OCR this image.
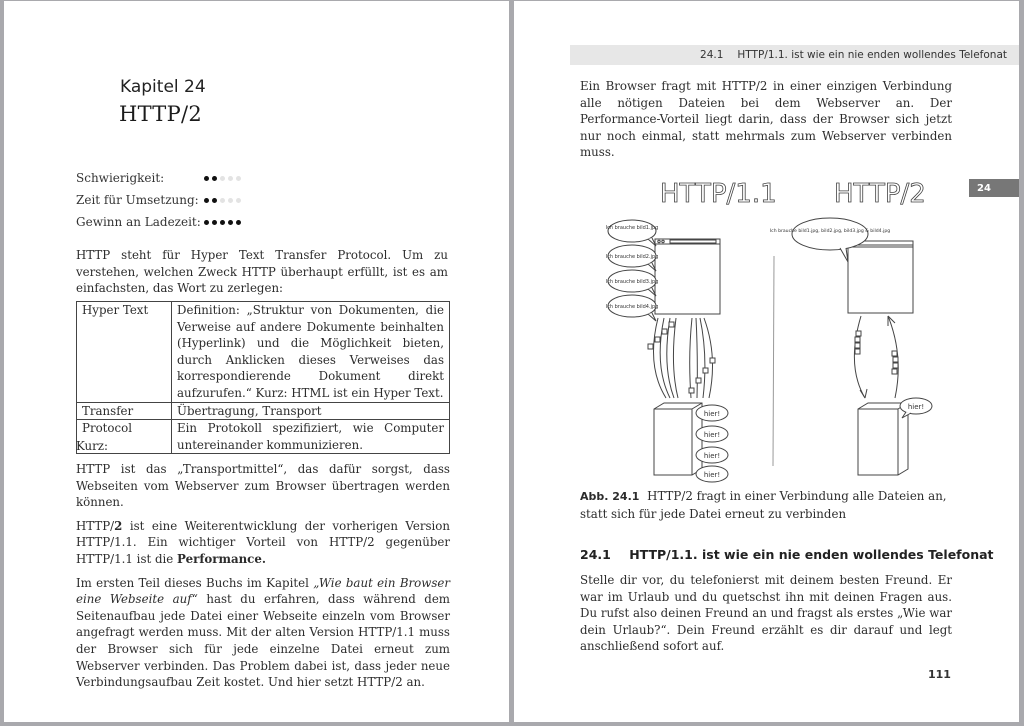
Kapitel 24
HTTP/2
Schwierigkeit:
Zeit für Umsetzung:
Gewinn an Ladezeit:

HTTP steht für Hyper Text Transfer Protocol. Um zu verstehen, welchen Zweck HTTP überhaupt erfüllt, ist es am einfachsten, das Wort zu zerlegen:

Hyper Text	Definition: „Struktur von Dokumenten, die Verweise auf andere Dokumente beinhalten (Hyperlink) und die Möglichkeit bieten, durch Anklicken dieses Verweises das korrespondierende Dokument direkt aufzurufen.“ Kurz: HTML ist ein Hyper Text.
Transfer	Übertragung, Transport
Protocol	Ein Protokoll spezifiziert, wie Computer untereinander kommunizieren.
Kurz:

HTTP ist das „Transportmittel“, das dafür sorgst, dass Webseiten vom Webserver zum Browser übertragen werden können.

HTTP/2 ist eine Weiterentwicklung der vorherigen Version HTTP/1.1. Ein wichtiger Vorteil von HTTP/2 gegenüber HTTP/1.1 ist die Performance.

Im ersten Teil dieses Buchs im Kapitel „Wie baut ein Browser eine Webseite auf“ hast du erfahren, dass während dem Seitenaufbau jede Datei einer Webseite einzeln vom Browser angefragt werden muss. Mit der alten Version HTTP/1.1 muss der Browser sich für jede einzelne Datei erneut zum Webserver verbinden. Das Problem dabei ist, dass jeder neue Verbindungsaufbau Zeit kostet. Und hier setzt HTTP/2 an.

24.1 HTTP/1.1. ist wie ein nie enden wollendes Telefonat

Ein Browser fragt mit HTTP/2 in einer einzigen Verbindung alle nötigen Dateien bei dem Webserver an. Der Performance-Vorteil liegt darin, dass der Browser sich jetzt nur noch einmal, statt mehrmals zum Webserver verbinden muss.

24
HTTP/1.1 HTTP/2
Ich brauche bild1.jpg
Ich brauche bild2.jpg
Ich brauche bild3.jpg
Ich brauche bild4.jpg
hier!
hier!
hier!
hier!
Ich brauche bild1.jpg, bild2.jpg, bild3.jpg & bild4.jpg
hier!
Abb. 24.1 HTTP/2 fragt in einer Verbindung alle Dateien an, statt sich für jede Datei erneut zu verbinden
24.1 HTTP/1.1. ist wie ein nie enden wollendes Telefonat

Stelle dir vor, du telefonierst mit deinem besten Freund. Er war im Urlaub und du quetschst ihn mit deinen Fragen aus. Du rufst also deinen Freund an und fragst als erstes „Wie war dein Urlaub?“. Dein Freund erzählt es dir darauf und legt anschließend sofort auf.

111
